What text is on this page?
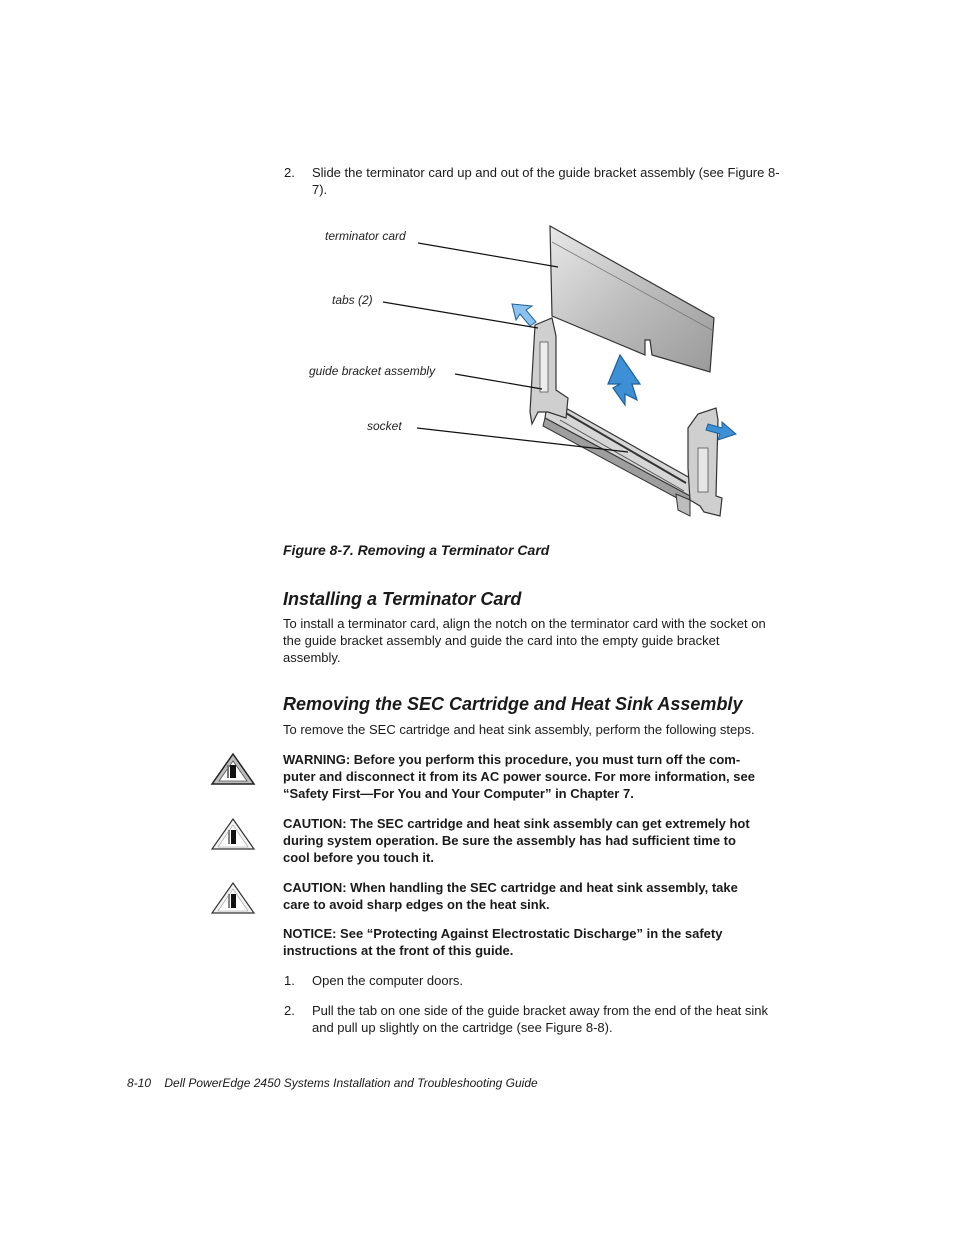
2. Slide the terminator card up and out of the guide bracket assembly (see Figure 8-
7).
terminator card
tabs (2)
guide bracket assembly
socket
Figure 8-7. Removing a Terminator Card
Installing a Terminator Card
To install a terminator card, align the notch on the terminator card with the socket on
the guide bracket assembly and guide the card into the empty guide bracket
assembly.
Removing the SEC Cartridge and Heat Sink Assembly
To remove the SEC cartridge and heat sink assembly, perform the following steps.
WARNING: Before you perform this procedure, you must turn off the com-
puter and disconnect it from its AC power source. For more information, see
“Safety First—For You and Your Computer” in Chapter 7.
CAUTION: The SEC cartridge and heat sink assembly can get extremely hot
during system operation. Be sure the assembly has had sufficient time to
cool before you touch it.
CAUTION: When handling the SEC cartridge and heat sink assembly, take
care to avoid sharp edges on the heat sink.
NOTICE: See “Protecting Against Electrostatic Discharge” in the safety
instructions at the front of this guide.
1. Open the computer doors.
2. Pull the tab on one side of the guide bracket away from the end of the heat sink
and pull up slightly on the cartridge (see Figure 8-8).
8-10    Dell PowerEdge 2450 Systems Installation and Troubleshooting Guide
